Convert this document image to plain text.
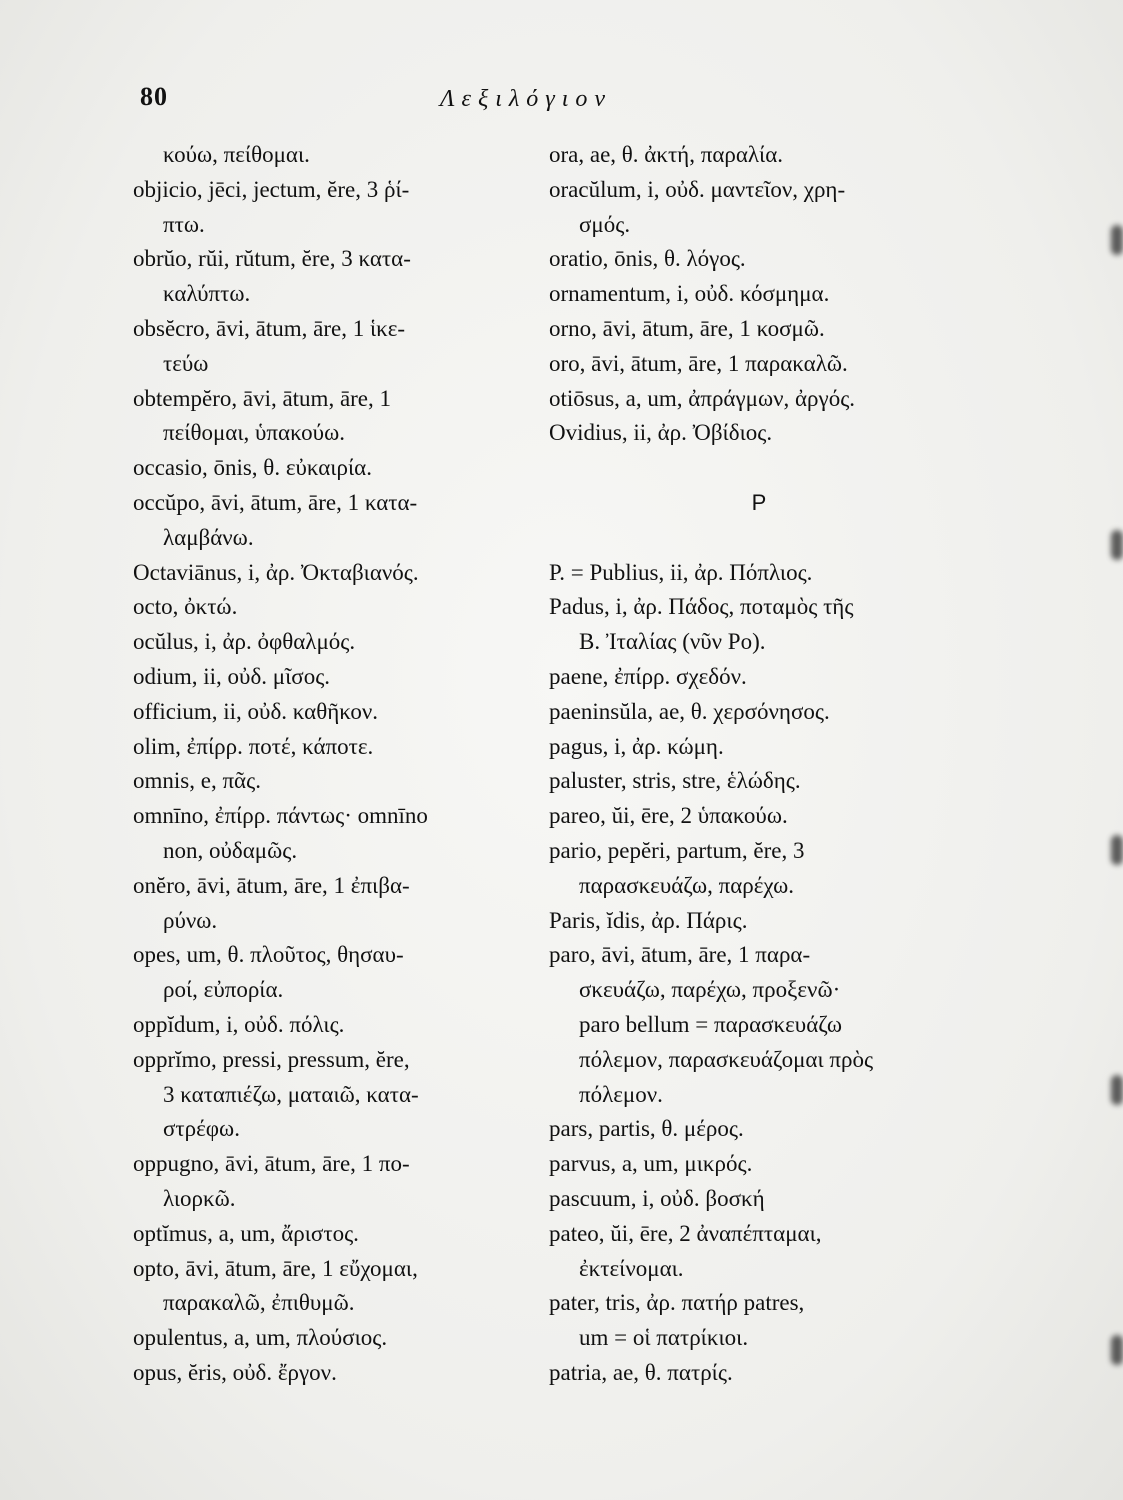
80	Λεξιλόγιον
κούω, πείθομαι.
objicio, jēci, jectum, ĕre, 3 ῥί-
πτω.
obrŭo, rŭi, rŭtum, ĕre, 3 κατα-
καλύπτω.
obsĕcro, āvi, ātum, āre, 1 ἱκε-
τεύω
obtempĕro, āvi, ātum, āre, 1
πείθομαι, ὑπακούω.
occasio, ōnis, θ. εὐκαιρία.
occŭpo, āvi, ātum, āre, 1 κατα-
λαμβάνω.
Octaviānus, i, ἀρ. Ὀκταβιανός.
octo, ὀκτώ.
ocŭlus, i, ἀρ. ὀφθαλμός.
odium, ii, οὐδ. μῖσος.
officium, ii, οὐδ. καθῆκον.
olim, ἐπίρρ. ποτέ, κάποτε.
omnis, e, πᾶς.
omnīno, ἐπίρρ. πάντως· omnīno
non, οὐδαμῶς.
onĕro, āvi, ātum, āre, 1 ἐπιβα-
ρύνω.
opes, um, θ. πλοῦτος, θησαυ-
ροί, εὐπορία.
oppĭdum, i, οὐδ. πόλις.
opprĭmo, pressi, pressum, ĕre,
3 καταπιέζω, ματαιῶ, κατα-
στρέφω.
oppugno, āvi, ātum, āre, 1 πο-
λιορκῶ.
optĭmus, a, um, ἄριστος.
opto, āvi, ātum, āre, 1 εὔχομαι,
παρακαλῶ, ἐπιθυμῶ.
opulentus, a, um, πλούσιος.
opus, ĕris, οὐδ. ἔργον.
ora, ae, θ. ἀκτή, παραλία.
oracŭlum, i, οὐδ. μαντεῖον, χρη-
σμός.
oratio, ōnis, θ. λόγος.
ornamentum, i, οὐδ. κόσμημα.
orno, āvi, ātum, āre, 1 κοσμῶ.
oro, āvi, ātum, āre, 1 παρακαλῶ.
otiōsus, a, um, ἀπράγμων, ἀργός.
Ovidius, ii, ἀρ. Ὀβίδιος.
P
P. = Publius, ii, ἀρ. Πόπλιος.
Padus, i, ἀρ. Πάδος, ποταμὸς τῆς
Β. Ἰταλίας (νῦν Po).
paene, ἐπίρρ. σχεδόν.
paeninsŭla, ae, θ. χερσόνησος.
pagus, i, ἀρ. κώμη.
paluster, stris, stre, ἑλώδης.
pareo, ŭi, ēre, 2 ὑπακούω.
pario, pepĕri, partum, ĕre, 3
παρασκευάζω, παρέχω.
Paris, ĭdis, ἀρ. Πάρις.
paro, āvi, ātum, āre, 1 παρα-
σκευάζω, παρέχω, προξενῶ·
paro bellum = παρασκευάζω
πόλεμον, παρασκευάζομαι πρὸς
πόλεμον.
pars, partis, θ. μέρος.
parvus, a, um, μικρός.
pascuum, i, οὐδ. βοσκή
pateo, ŭi, ēre, 2 ἀναπέπταμαι,
ἐκτείνομαι.
pater, tris, ἀρ. πατήρ patres,
um = οἱ πατρίκιοι.
patria, ae, θ. πατρίς.
